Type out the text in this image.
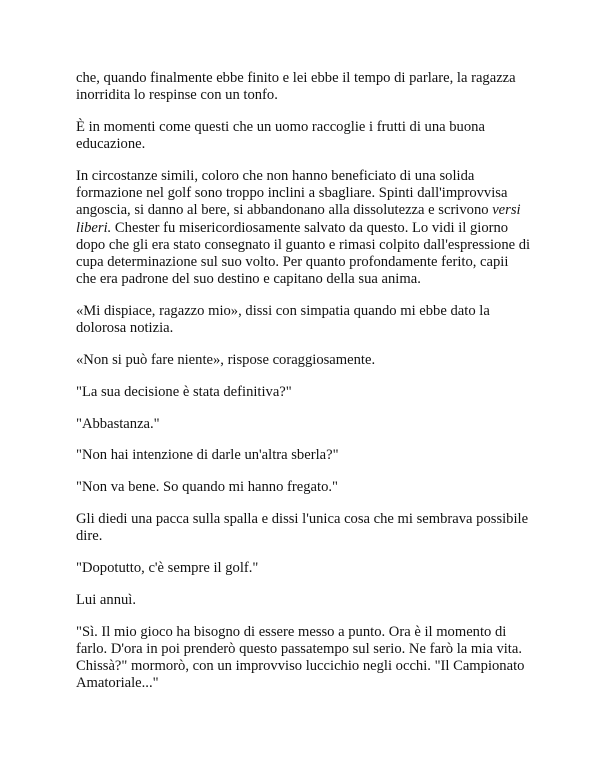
che, quando finalmente ebbe finito e lei ebbe il tempo di parlare, la ragazza inorridita lo respinse con un tonfo.

È in momenti come questi che un uomo raccoglie i frutti di una buona educazione.

In circostanze simili, coloro che non hanno beneficiato di una solida formazione nel golf sono troppo inclini a sbagliare. Spinti dall'improvvisa angoscia, si danno al bere, si abbandonano alla dissolutezza e scrivono versi liberi. Chester fu misericordiosamente salvato da questo. Lo vidi il giorno dopo che gli era stato consegnato il guanto e rimasi colpito dall'espressione di cupa determinazione sul suo volto. Per quanto profondamente ferito, capii che era padrone del suo destino e capitano della sua anima.

«Mi dispiace, ragazzo mio», dissi con simpatia quando mi ebbe dato la dolorosa notizia.

«Non si può fare niente», rispose coraggiosamente.

"La sua decisione è stata definitiva?"

"Abbastanza."

"Non hai intenzione di darle un'altra sberla?"

"Non va bene. So quando mi hanno fregato."

Gli diedi una pacca sulla spalla e dissi l'unica cosa che mi sembrava possibile dire.

"Dopotutto, c'è sempre il golf."

Lui annuì.

"Sì. Il mio gioco ha bisogno di essere messo a punto. Ora è il momento di farlo. D'ora in poi prenderò questo passatempo sul serio. Ne farò la mia vita. Chissà?" mormorò, con un improvviso luccichio negli occhi. "Il Campionato Amatoriale..."
